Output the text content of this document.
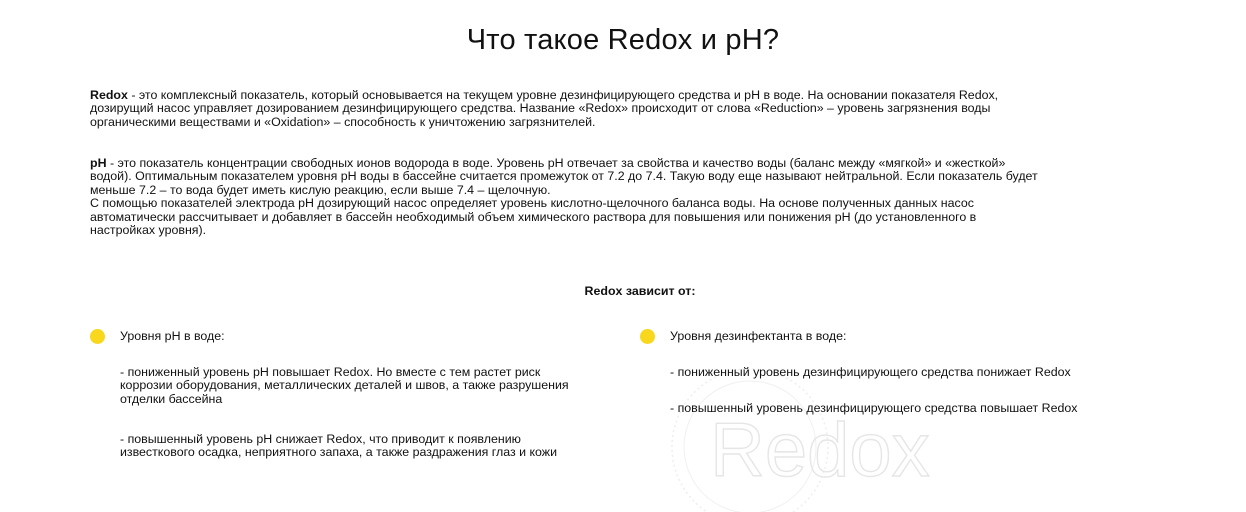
Что такое Redox и pH?

Redox - это комплексный показатель, который основывается на текущем уровне дезинфицирующего средства и pH в воде. На основании показателя Redox,
дозирущий насос управляет дозированием дезинфицирующего средства. Название «Redox» происходит от слова «Reduction» – уровень загрязнения воды
органическими веществами и «Oxidation» – способность к уничтожению загрязнителей.

pH - это показатель концентрации свободных ионов водорода в воде. Уровень pH отвечает за свойства и качество воды (баланс между «мягкой» и «жесткой»
водой). Оптимальным показателем уровня pH воды в бассейне считается промежуток от 7.2 до 7.4. Такую воду еще называют нейтральной. Если показатель будет
меньше 7.2 – то вода будет иметь кислую реакцию, если выше 7.4 – щелочную.
С помощью показателей электрода pH дозирующий насос определяет уровень кислотно-щелочного баланса воды. На основе полученных данных насос
автоматически рассчитывает и добавляет в бассейн необходимый объем химического раствора для повышения или понижения pH (до установленного в
настройках уровня).

Redox зависит от:

Redox
Уровня pH в воде:
- пониженный уровень pH повышает Redox. Но вместе с тем растет риск
коррозии оборудования, металлических деталей и швов, а также разрушения
отделки бассейна
- повышенный уровень pH снижает Redox, что приводит к появлению
известкового осадка, неприятного запаха, а также раздражения глаз и кожи
Уровня дезинфектанта в воде:
- пониженный уровень дезинфицирующего средства понижает Redox
- повышенный уровень дезинфицирующего средства повышает Redox
